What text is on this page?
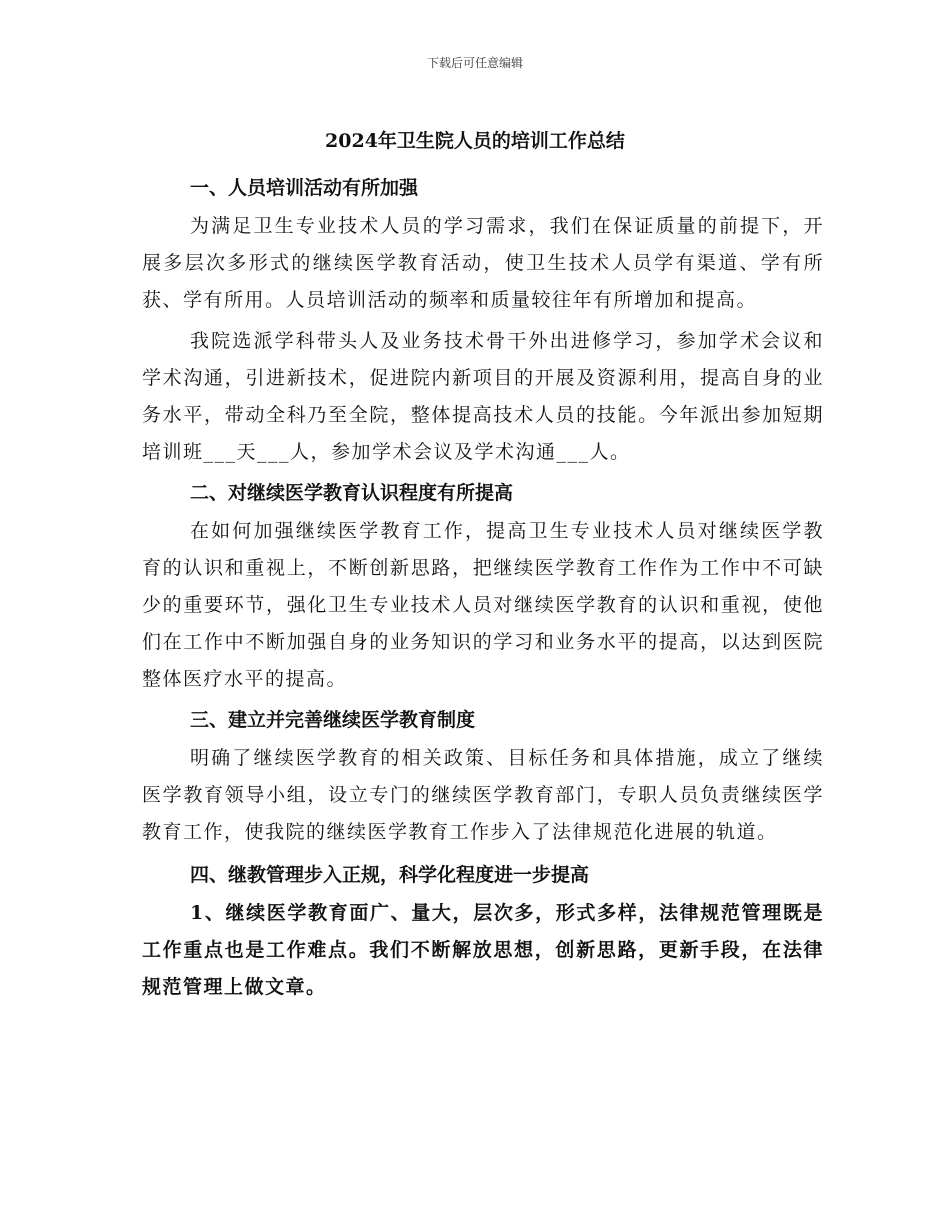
下载后可任意编辑
2024年卫生院人员的培训工作总结
一、人员培训活动有所加强

为满足卫生专业技术人员的学习需求，我们在保证质量的前提下，开展多层次多形式的继续医学教育活动，使卫生技术人员学有渠道、学有所获、学有所用。人员培训活动的频率和质量较往年有所增加和提高。

我院选派学科带头人及业务技术骨干外出进修学习，参加学术会议和学术沟通，引进新技术，促进院内新项目的开展及资源利用，提高自身的业务水平，带动全科乃至全院，整体提高技术人员的技能。今年派出参加短期培训班___天___人，参加学术会议及学术沟通___人。

二、对继续医学教育认识程度有所提高

在如何加强继续医学教育工作，提高卫生专业技术人员对继续医学教育的认识和重视上，不断创新思路，把继续医学教育工作作为工作中不可缺少的重要环节，强化卫生专业技术人员对继续医学教育的认识和重视，使他们在工作中不断加强自身的业务知识的学习和业务水平的提高，以达到医院整体医疗水平的提高。

三、建立并完善继续医学教育制度

明确了继续医学教育的相关政策、目标任务和具体措施，成立了继续医学教育领导小组，设立专门的继续医学教育部门，专职人员负责继续医学教育工作，使我院的继续医学教育工作步入了法律规范化进展的轨道。

四、继教管理步入正规，科学化程度进一步提高

1、继续医学教育面广、量大，层次多，形式多样，法律规范管理既是工作重点也是工作难点。我们不断解放思想，创新思路，更新手段，在法律规范管理上做文章。
